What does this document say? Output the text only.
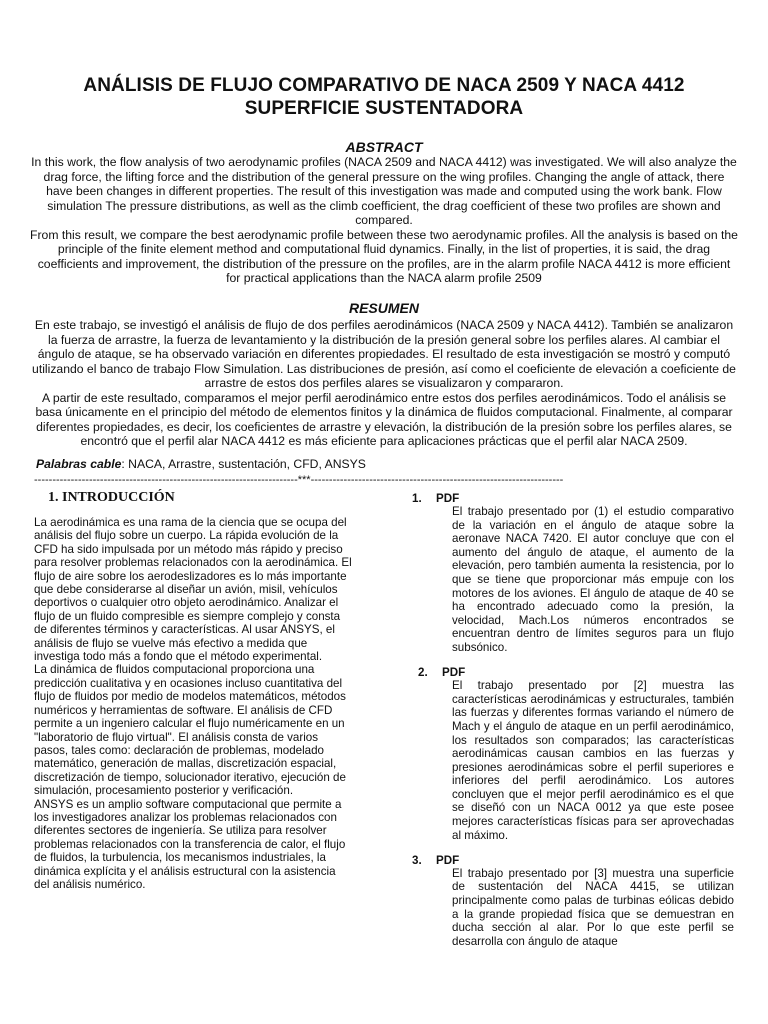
ANÁLISIS DE FLUJO COMPARATIVO DE NACA 2509 Y NACA 4412 SUPERFICIE SUSTENTADORA
ABSTRACT

In this work, the flow analysis of two aerodynamic profiles (NACA 2509 and NACA 4412) was investigated. We will also analyze the drag force, the lifting force and the distribution of the general pressure on the wing profiles. Changing the angle of attack, there have been changes in different properties. The result of this investigation was made and computed using the work bank. Flow simulation The pressure distributions, as well as the climb coefficient, the drag coefficient of these two profiles are shown and compared.

From this result, we compare the best aerodynamic profile between these two aerodynamic profiles. All the analysis is based on the principle of the finite element method and computational fluid dynamics. Finally, in the list of properties, it is said, the drag coefficients and improvement, the distribution of the pressure on the profiles, are in the alarm profile NACA 4412 is more efficient for practical applications than the NACA alarm profile 2509

RESUMEN

En este trabajo, se investigó el análisis de flujo de dos perfiles aerodinámicos (NACA 2509 y NACA 4412). También se analizaron la fuerza de arrastre, la fuerza de levantamiento y la distribución de la presión general sobre los perfiles alares. Al cambiar el ángulo de ataque, se ha observado variación en diferentes propiedades. El resultado de esta investigación se mostró y computó utilizando el banco de trabajo Flow Simulation. Las distribuciones de presión, así como el coeficiente de elevación a coeficiente de arrastre de estos dos perfiles alares se visualizaron y compararon.

A partir de este resultado, comparamos el mejor perfil aerodinámico entre estos dos perfiles aerodinámicos. Todo el análisis se basa únicamente en el principio del método de elementos finitos y la dinámica de fluidos computacional. Finalmente, al comparar diferentes propiedades, es decir, los coeficientes de arrastre y elevación, la distribución de la presión sobre los perfiles alares, se encontró que el perfil alar NACA 4412 es más eficiente para aplicaciones prácticas que el perfil alar NACA 2509.

Palabras cable: NACA, Arrastre, sustentación, CFD, ANSYS
------------------------------------------------------------------------***---------------------------------------------------------------------
1. INTRODUCCIÓN

La aerodinámica es una rama de la ciencia que se ocupa del análisis del flujo sobre un cuerpo. La rápida evolución de la CFD ha sido impulsada por un método más rápido y preciso para resolver problemas relacionados con la aerodinámica. El flujo de aire sobre los aerodeslizadores es lo más importante que debe considerarse al diseñar un avión, misil, vehículos deportivos o cualquier otro objeto aerodinámico. Analizar el flujo de un fluido compresible es siempre complejo y consta de diferentes términos y características. Al usar ANSYS, el análisis de flujo se vuelve más efectivo a medida que investiga todo más a fondo que el método experimental.

La dinámica de fluidos computacional proporciona una predicción cualitativa y en ocasiones incluso cuantitativa del flujo de fluidos por medio de modelos matemáticos, métodos numéricos y herramientas de software. El análisis de CFD permite a un ingeniero calcular el flujo numéricamente en un "laboratorio de flujo virtual". El análisis consta de varios pasos, tales como: declaración de problemas, modelado matemático, generación de mallas, discretización espacial, discretización de tiempo, solucionador iterativo, ejecución de simulación, procesamiento posterior y verificación.

ANSYS es un amplio software computacional que permite a los investigadores analizar los problemas relacionados con diferentes sectores de ingeniería. Se utiliza para resolver problemas relacionados con la transferencia de calor, el flujo de fluidos, la turbulencia, los mecanismos industriales, la dinámica explícita y el análisis estructural con la asistencia del análisis numérico.

1. PDF

El trabajo presentado por (1) el estudio comparativo de la variación en el ángulo de ataque sobre la aeronave NACA 7420. El autor concluye que con el aumento del ángulo de ataque, el aumento de la elevación, pero también aumenta la resistencia, por lo que se tiene que proporcionar más empuje con los motores de los aviones. El ángulo de ataque de 40 se ha encontrado adecuado como la presión, la velocidad, Mach.Los números encontrados se encuentran dentro de límites seguros para un flujo subsónico.

2. PDF

El trabajo presentado por [2] muestra las características aerodinámicas y estructurales, también las fuerzas y diferentes formas variando el número de Mach y el ángulo de ataque en un perfil aerodinámico, los resultados son comparados; las características aerodinámicas causan cambios en las fuerzas y presiones aerodinámicas sobre el perfil superiores e inferiores del perfil aerodinámico. Los autores concluyen que el mejor perfil aerodinámico es el que se diseñó con un NACA 0012 ya que este posee mejores características físicas para ser aprovechadas al máximo.

3. PDF

El trabajo presentado por [3] muestra una superficie de sustentación del NACA 4415, se utilizan principalmente como palas de turbinas eólicas debido a la grande propiedad física que se demuestran en ducha sección al alar. Por lo que este perfil se desarrolla con ángulo de ataque
